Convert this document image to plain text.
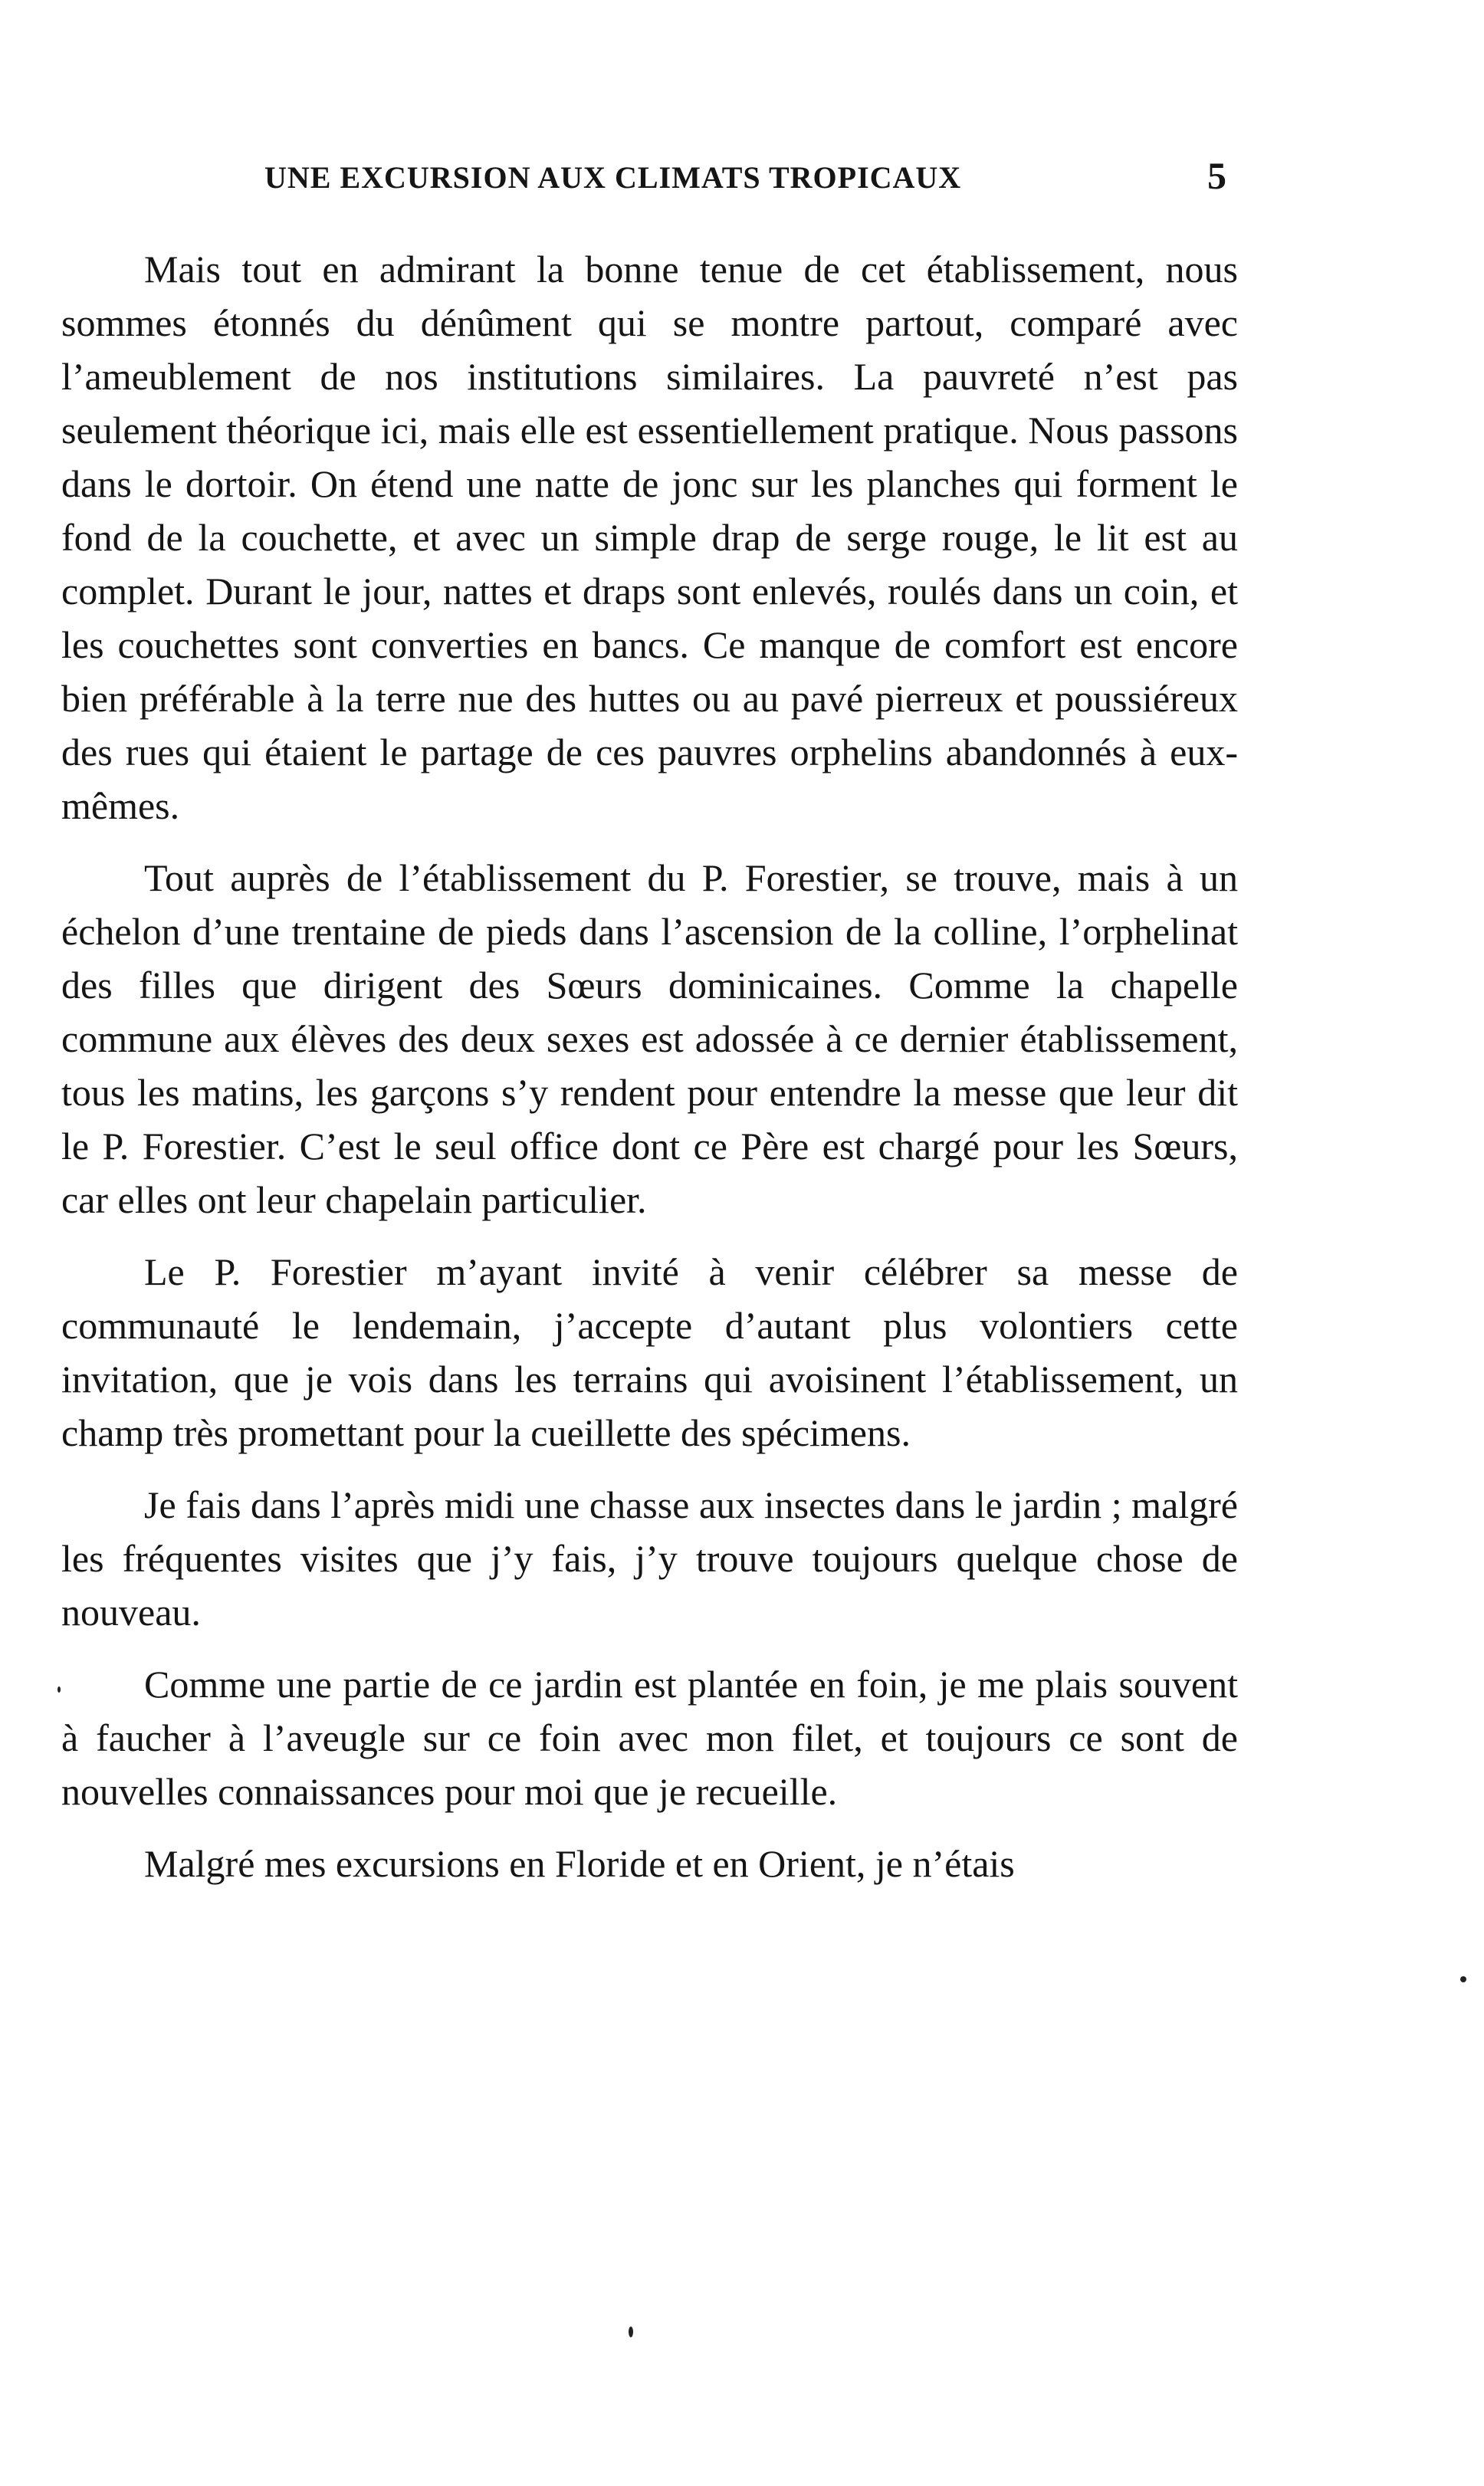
UNE EXCURSION AUX CLIMATS TROPICAUX	5

Mais tout en admirant la bonne tenue de cet établissement, nous sommes étonnés du dénûment qui se montre partout, comparé avec l’ameublement de nos institutions similaires. La pauvreté n’est pas seulement théorique ici, mais elle est essentiellement pratique. Nous passons dans le dortoir. On étend une natte de jonc sur les planches qui forment le fond de la couchette, et avec un simple drap de serge rouge, le lit est au complet. Durant le jour, nattes et draps sont enlevés, roulés dans un coin, et les couchettes sont converties en bancs. Ce manque de comfort est encore bien préférable à la terre nue des huttes ou au pavé pierreux et poussiéreux des rues qui étaient le partage de ces pauvres orphelins abandonnés à eux-mêmes.

Tout auprès de l’établissement du P. Forestier, se trouve, mais à un échelon d’une trentaine de pieds dans l’ascension de la colline, l’orphelinat des filles que dirigent des Sœurs dominicaines. Comme la chapelle commune aux élèves des deux sexes est adossée à ce dernier établissement, tous les matins, les garçons s’y rendent pour entendre la messe que leur dit le P. Forestier. C’est le seul office dont ce Père est chargé pour les Sœurs, car elles ont leur chapelain particulier.

Le P. Forestier m’ayant invité à venir célébrer sa messe de communauté le lendemain, j’accepte d’autant plus volontiers cette invitation, que je vois dans les terrains qui avoisinent l’établissement, un champ très promettant pour la cueillette des spécimens.

Je fais dans l’après midi une chasse aux insectes dans le jardin ; malgré les fréquentes visites que j’y fais, j’y trouve toujours quelque chose de nouveau.

Comme une partie de ce jardin est plantée en foin, je me plais souvent à faucher à l’aveugle sur ce foin avec mon filet, et toujours ce sont de nouvelles connaissances pour moi que je recueille.

Malgré mes excursions en Floride et en Orient, je n’étais
